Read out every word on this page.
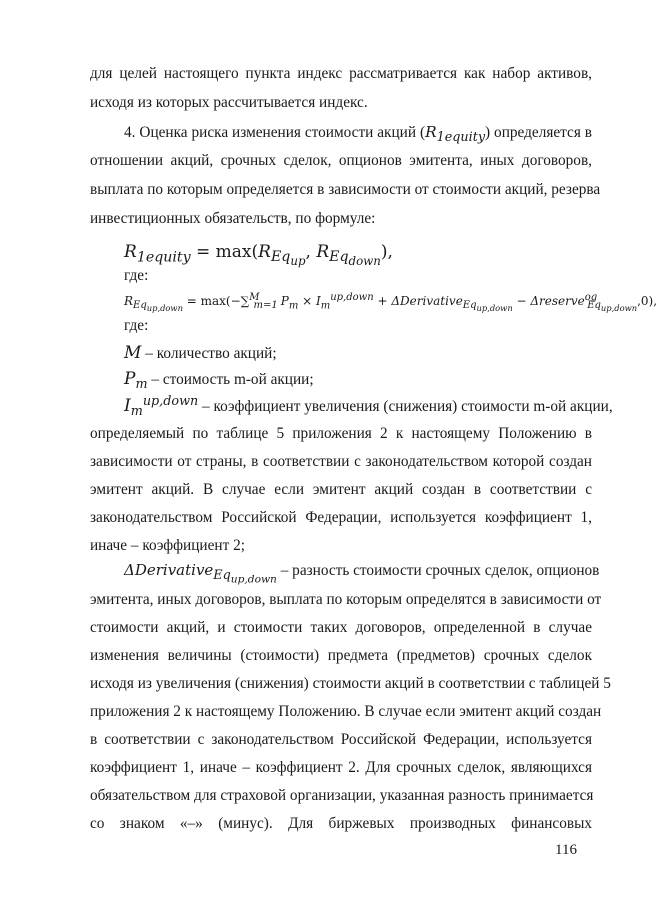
для целей настоящего пункта индекс рассматривается как набор активов,
исходя из которых рассчитывается индекс.
4. Оценка риска изменения стоимости акций $(R_{1equity})$ определяется в
отношении акций, срочных сделок, опционов эмитента, иных договоров,
выплата по которым определяется в зависимости от стоимости акций, резерва
инвестиционных обязательств, по формуле:
$R_{1equity} = \max(R_{Eq_{up}}$, $R_{Eq_{down}}$),
где:
$R_{Eq_{up,down}} = \max(-\sum^M_{m=1}$ $P_m \times I_m^{up,down}$ + ΔDerivative$_{Eq_{up,down}}$ − Δreserve$^{og}_{Eq_{up,down}}$,0),
где:
M – количество акций;
$P_m$ – стоимость m-ой акции;
$I_m^{up,down}$ – коэффициент увеличения (снижения) стоимости m-ой акции,
определяемый по таблице 5 приложения 2 к настоящему Положению в
зависимости от страны, в соответствии с законодательством которой создан
эмитент акций. В случае если эмитент акций создан в соответствии с
законодательством Российской Федерации, используется коэффициент 1,
иначе – коэффициент 2;
ΔDerivative$_{Eq_{up,down}}$ – разность стоимости срочных сделок, опционов
эмитента, иных договоров, выплата по которым определятся в зависимости от
стоимости акций, и стоимости таких договоров, определенной в случае
изменения величины (стоимости) предмета (предметов) срочных сделок
исходя из увеличения (снижения) стоимости акций в соответствии с таблицей 5
приложения 2 к настоящему Положению. В случае если эмитент акций создан
в соответствии с законодательством Российской Федерации, используется
коэффициент 1, иначе – коэффициент 2. Для срочных сделок, являющихся
обязательством для страховой организации, указанная разность принимается
со знаком «–» (минус). Для биржевых производных финансовых
116
